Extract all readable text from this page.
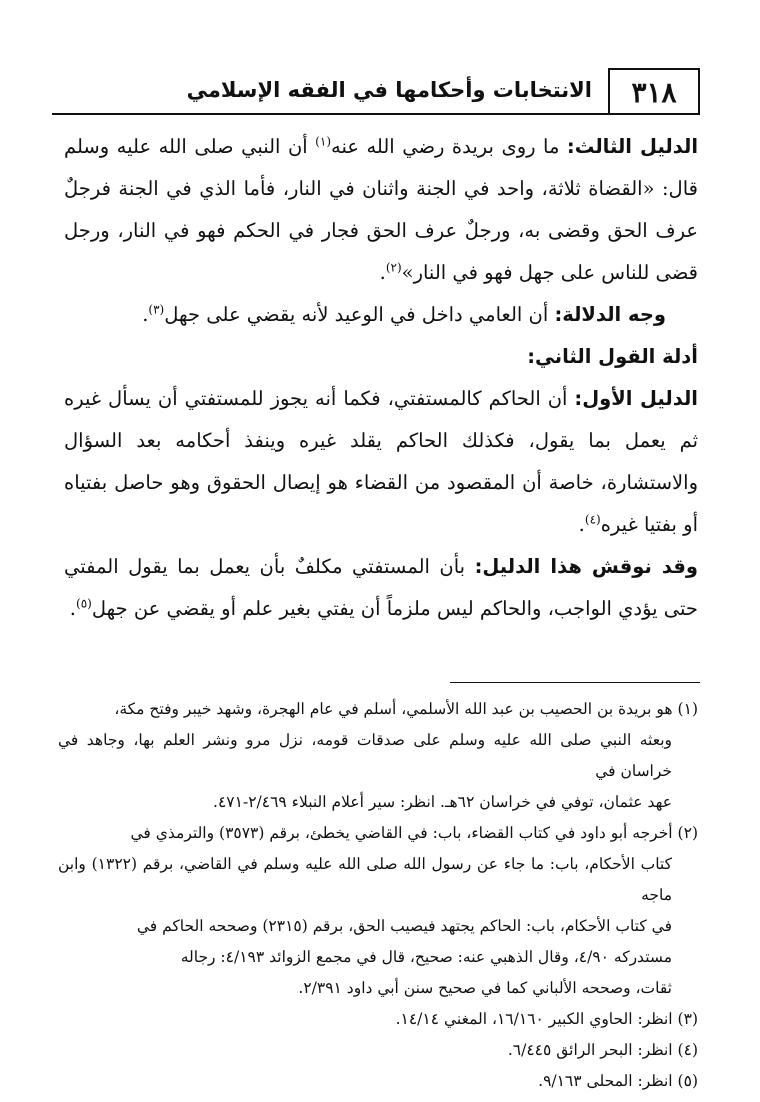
٣١٨
الانتخابات وأحكامها في الفقه الإسلامي

الدليل الثالث: ما روى بريدة رضي الله عنه$^{(١)}$ أن النبي صلى الله عليه وسلم قال: «القضاة ثلاثة، واحد في الجنة واثنان في النار، فأما الذي في الجنة فرجلٌ عرف الحق وقضى به، ورجلٌ عرف الحق فجار في الحكم فهو في النار، ورجل قضى للناس على جهل فهو في النار»$^{(٢)}$.

وجه الدلالة: أن العامي داخل في الوعيد لأنه يقضي على جهل$^{(٣)}$.

أدلة القول الثاني:

الدليل الأول: أن الحاكم كالمستفتي، فكما أنه يجوز للمستفتي أن يسأل غيره ثم يعمل بما يقول، فكذلك الحاكم يقلد غيره وينفذ أحكامه بعد السؤال والاستشارة، خاصة أن المقصود من القضاء هو إيصال الحقوق وهو حاصل بفتياه أو بفتيا غيره$^{(٤)}$.

وقد نوقش هذا الدليل: بأن المستفتي مكلفٌ بأن يعمل بما يقول المفتي حتى يؤدي الواجب، والحاكم ليس ملزماً أن يفتي بغير علم أو يقضي عن جهل$^{(٥)}$.

(١) هو بريدة بن الحصيب بن عبد الله الأسلمي، أسلم في عام الهجرة، وشهد خيبر وفتح مكة،

وبعثه النبي صلى الله عليه وسلم على صدقات قومه، نزل مرو ونشر العلم بها، وجاهد في خراسان في

عهد عثمان، توفي في خراسان ٦٢هـ. انظر: سير أعلام النبلاء ٢/٤٦٩-٤٧١.

(٢) أخرجه أبو داود في كتاب القضاء، باب: في القاضي يخطئ، برقم (٣٥٧٣) والترمذي في

كتاب الأحكام، باب: ما جاء عن رسول الله صلى الله عليه وسلم في القاضي، برقم (١٣٢٢) وابن ماجه

في كتاب الأحكام، باب: الحاكم يجتهد فيصيب الحق، برقم (٢٣١٥) وصححه الحاكم في

مستدركه ٤/٩٠، وقال الذهبي عنه: صحيح، قال في مجمع الزوائد ٤/١٩٣: رجاله

ثقات، وصححه الألباني كما في صحيح سنن أبي داود ٢/٣٩١.

(٣) انظر: الحاوي الكبير ١٦/١٦٠، المغني ١٤/١٤.

(٤) انظر: البحر الرائق ٦/٤٤٥.

(٥) انظر: المحلى ٩/١٦٣.
